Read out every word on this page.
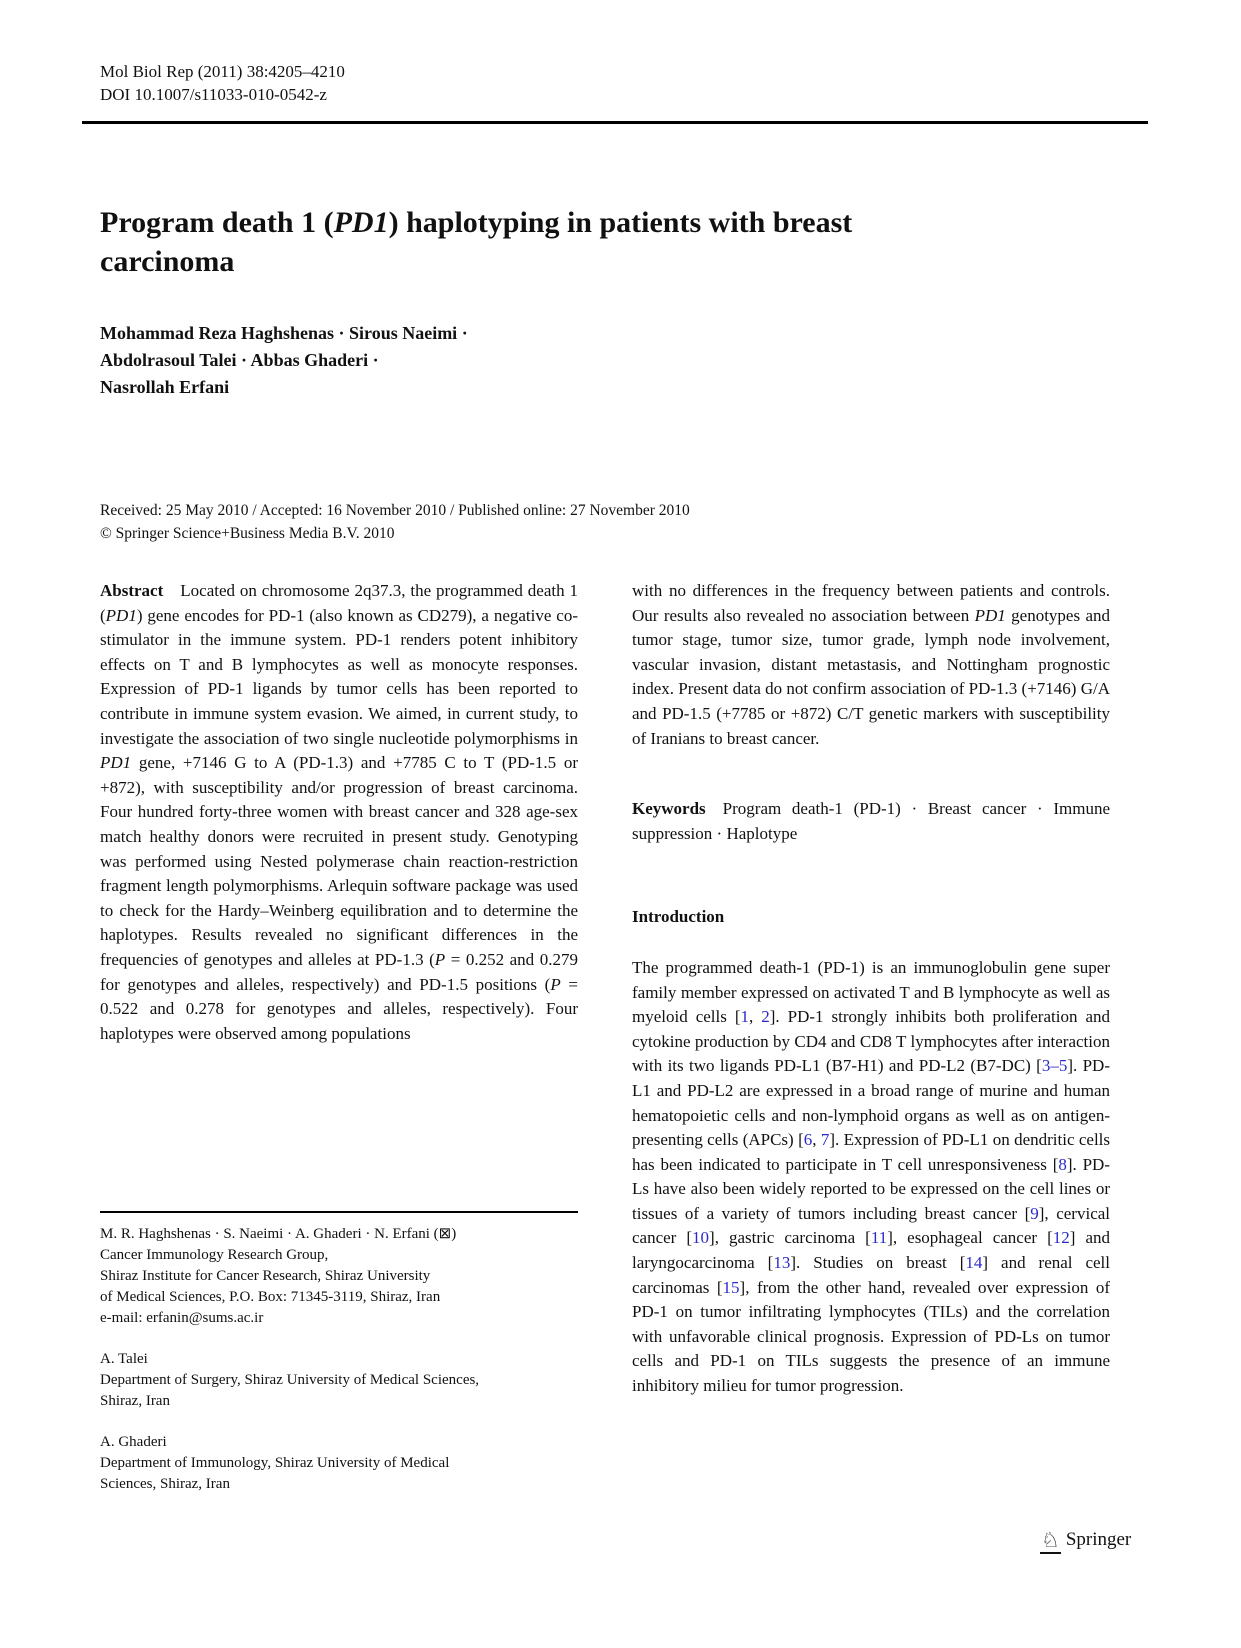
Mol Biol Rep (2011) 38:4205–4210
DOI 10.1007/s11033-010-0542-z
Program death 1 (PD1) haplotyping in patients with breast
carcinoma
Mohammad Reza Haghshenas · Sirous Naeimi ·
Abdolrasoul Talei · Abbas Ghaderi ·
Nasrollah Erfani
Received: 25 May 2010 / Accepted: 16 November 2010 / Published online: 27 November 2010
© Springer Science+Business Media B.V. 2010
Abstract  Located on chromosome 2q37.3, the programmed death 1 (PD1) gene encodes for PD-1 (also known as CD279), a negative co-stimulator in the immune system. PD-1 renders potent inhibitory effects on T and B lymphocytes as well as monocyte responses. Expression of PD-1 ligands by tumor cells has been reported to contribute in immune system evasion. We aimed, in current study, to investigate the association of two single nucleotide polymorphisms in PD1 gene, +7146 G to A (PD-1.3) and +7785 C to T (PD-1.5 or +872), with susceptibility and/or progression of breast carcinoma. Four hundred forty-three women with breast cancer and 328 age-sex match healthy donors were recruited in present study. Genotyping was performed using Nested polymerase chain reaction-restriction fragment length polymorphisms. Arlequin software package was used to check for the Hardy–Weinberg equilibration and to determine the haplotypes. Results revealed no significant differences in the frequencies of genotypes and alleles at PD-1.3 (P = 0.252 and 0.279 for genotypes and alleles, respectively) and PD-1.5 positions (P = 0.522 and 0.278 for genotypes and alleles, respectively). Four haplotypes were observed among populations
with no differences in the frequency between patients and controls. Our results also revealed no association between PD1 genotypes and tumor stage, tumor size, tumor grade, lymph node involvement, vascular invasion, distant metastasis, and Nottingham prognostic index. Present data do not confirm association of PD-1.3 (+7146) G/A and PD-1.5 (+7785 or +872) C/T genetic markers with susceptibility of Iranians to breast cancer.
Keywords  Program death-1 (PD-1) · Breast cancer · Immune suppression · Haplotype
Introduction
The programmed death-1 (PD-1) is an immunoglobulin gene super family member expressed on activated T and B lymphocyte as well as myeloid cells [1, 2]. PD-1 strongly inhibits both proliferation and cytokine production by CD4 and CD8 T lymphocytes after interaction with its two ligands PD-L1 (B7-H1) and PD-L2 (B7-DC) [3–5]. PD-L1 and PD-L2 are expressed in a broad range of murine and human hematopoietic cells and non-lymphoid organs as well as on antigen-presenting cells (APCs) [6, 7]. Expression of PD-L1 on dendritic cells has been indicated to participate in T cell unresponsiveness [8]. PD-Ls have also been widely reported to be expressed on the cell lines or tissues of a variety of tumors including breast cancer [9], cervical cancer [10], gastric carcinoma [11], esophageal cancer [12] and laryngocarcinoma [13]. Studies on breast [14] and renal cell carcinomas [15], from the other hand, revealed over expression of PD-1 on tumor infiltrating lymphocytes (TILs) and the correlation with unfavorable clinical prognosis. Expression of PD-Ls on tumor cells and PD-1 on TILs suggests the presence of an immune inhibitory milieu for tumor progression.
M. R. Haghshenas · S. Naeimi · A. Ghaderi · N. Erfani (⊠)
Cancer Immunology Research Group,
Shiraz Institute for Cancer Research, Shiraz University
of Medical Sciences, P.O. Box: 71345-3119, Shiraz, Iran
e-mail: erfanin@sums.ac.ir
A. Talei
Department of Surgery, Shiraz University of Medical Sciences,
Shiraz, Iran
A. Ghaderi
Department of Immunology, Shiraz University of Medical
Sciences, Shiraz, Iran
♘ Springer
